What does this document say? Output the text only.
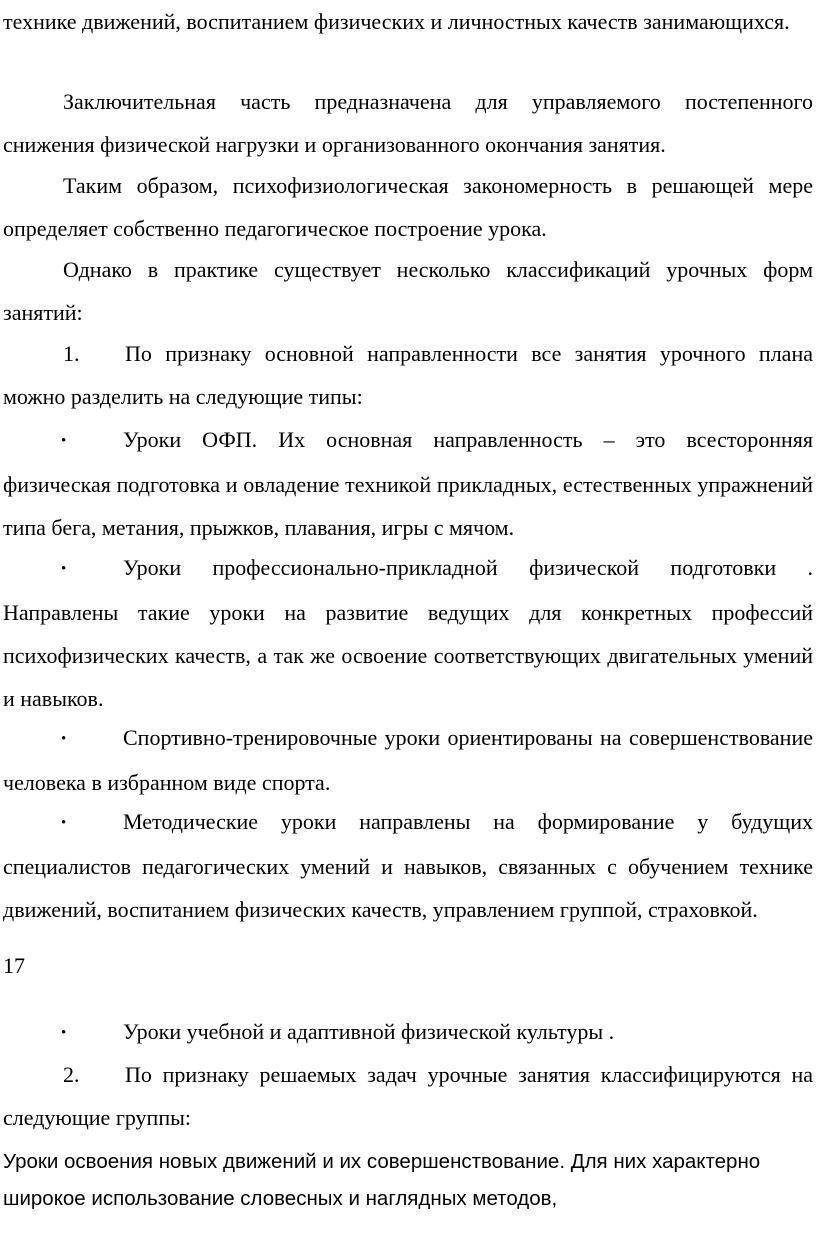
технике движений, воспитанием физических и личностных качеств занимающихся.

Заключительная часть предназначена для управляемого постепенного снижения физической нагрузки и организованного окончания занятия.

Таким образом, психофизиологическая закономерность в решающей мере определяет собственно педагогическое построение урока.

Однако в практике существует несколько классификаций урочных форм занятий:

1. По признаку основной направленности все занятия урочного плана можно разделить на следующие типы:

•	Уроки ОФП. Их основная направленность – это всесторонняя физическая подготовка и овладение техникой прикладных, естественных упражнений типа бега, метания, прыжков, плавания, игры с мячом.

•	Уроки профессионально-прикладной физической подготовки . Направлены такие уроки на развитие ведущих для конкретных профессий психофизических качеств, а так же освоение соответствующих двигательных умений и навыков.

•	Спортивно-тренировочные уроки ориентированы на совершенствование человека в избранном виде спорта.

•	Методические уроки направлены на формирование у будущих специалистов педагогических умений и навыков, связанных с обучением технике движений, воспитанием физических качеств, управлением группой, страховкой.

17

•	Уроки учебной и адаптивной физической культуры .

2. По признаку решаемых задач урочные занятия классифицируются на следующие группы:

Уроки освоения новых движений и их совершенствование. Для них характерно широкое использование словесных и наглядных методов,
